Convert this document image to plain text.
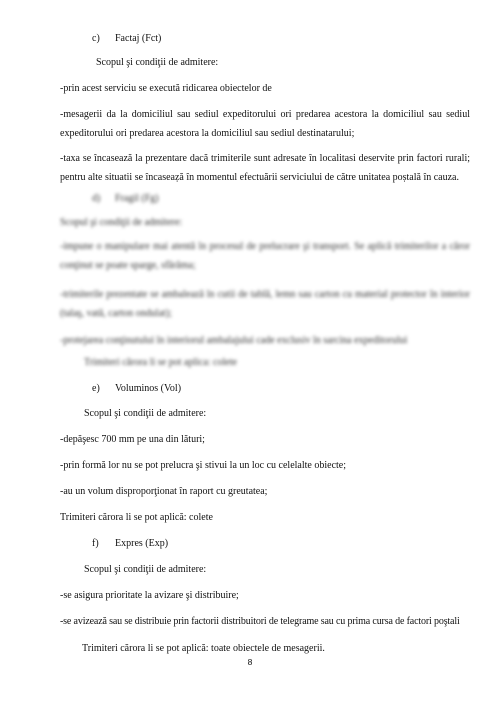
c) Factaj (Fct)
Scopul şi condiţii de admitere:
-prin acest serviciu se execută ridicarea obiectelor de
-mesagerii da la domiciliul sau sediul expeditorului ori predarea acestora la domiciliul sau sediul expeditorului ori predarea acestora la domiciliul sau sediul destinatarului;
-taxa se încasează la prezentare dacă trimiterile sunt adresate în localitasi deservite prin factori rurali; pentru alte situatii se încaseaẓă în momentul efectuării serviciului de către unitatea poṣtală în cauza.
d) Fragil (Fg)
Scopul şi condiţii de admitere:
-impune o manipulare mai atentă în procesul de prelucrare şi transport. Se aplică trimiterilor a căror conţinut se poate sparge, sfărâma;
-trimiterile prezentate se ambalează în cutii de tablă, lemn sau carton cu material protector în interior (talaş, vată, carton ondulat);
-protejarea conţinutului în interiorul ambalajului cade exclusiv în sarcina expeditorului
Trimiteri cărora li se pot aplica: colete
e) Voluminos (Vol)
Scopul şi condiţii de admitere:
-depăşesc 700 mm pe una din lături;
-prin formă lor nu se pot prelucra şi stivui la un loc cu celelalte obiecte;
-au un volum disproporţionat în raport cu greutatea;
Trimiteri cărora li se pot aplică: colete
f) Expres (Exp)
Scopul şi condiţii de admitere:
-se asigura prioritate la avizare şi distribuire;
-se avizează sau se distribuie prin factorii distribuitori de telegrame sau cu prima cursa de factori poştali
Trimiteri cărora li se pot aplică: toate obiectele de mesagerii.
8
